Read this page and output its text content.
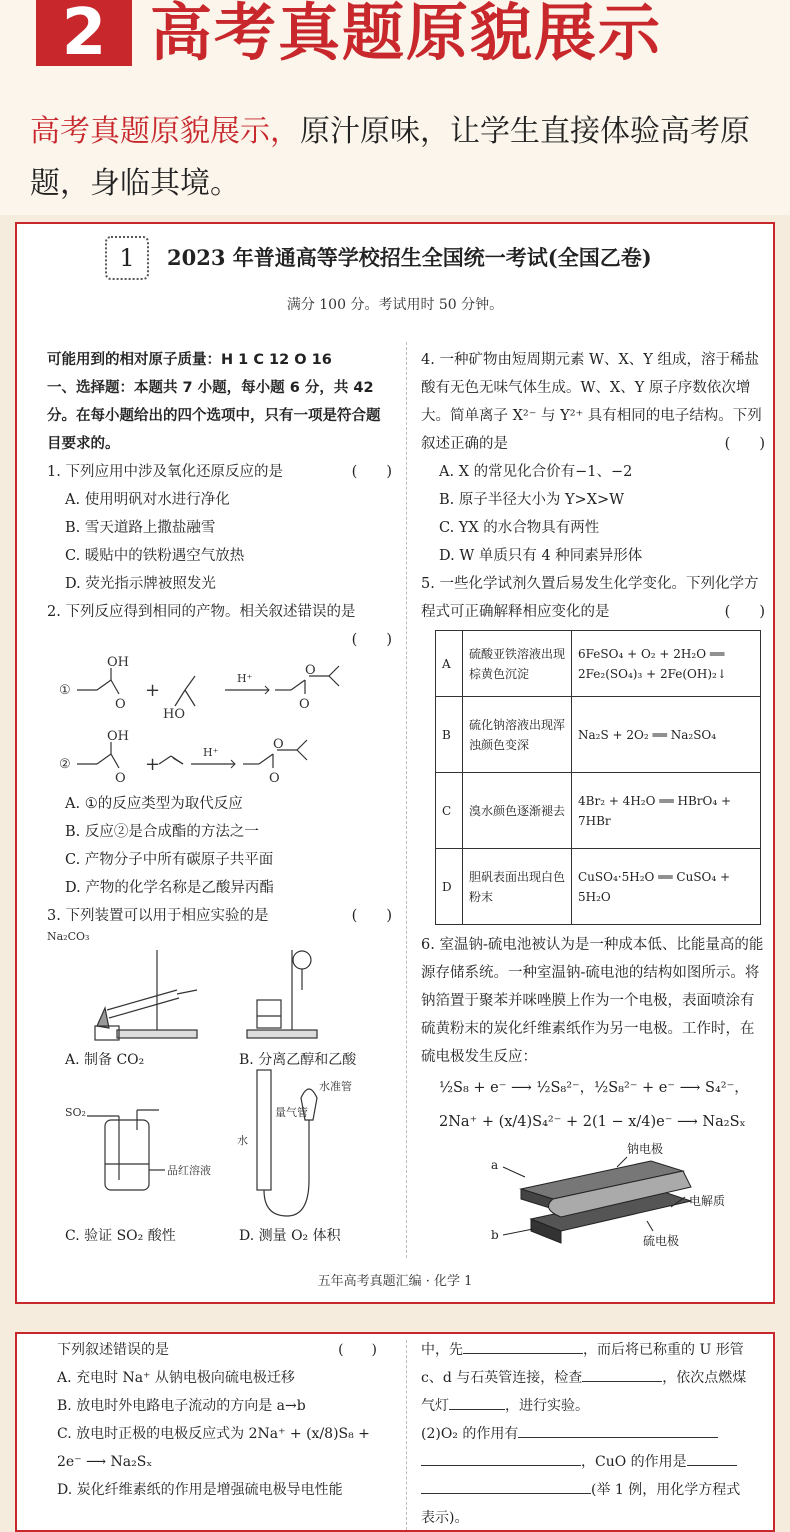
2 高考真题原貌展示
高考真题原貌展示，原汁原味，让学生直接体验高考原题，身临其境。
1	2023 年普通高等学校招生全国统一考试(全国乙卷)
满分 100 分。考试用时 50 分钟。

可能用到的相对原子质量：H 1 C 12 O 16

一、选择题：本题共 7 小题，每小题 6 分，共 42 分。在每小题给出的四个选项中，只有一项是符合题目要求的。

1. 下列应用中涉及氧化还原反应的是	(　　)

A. 使用明矾对水进行净化

B. 雪天道路上撒盐融雪

C. 暖贴中的铁粉遇空气放热

D. 荧光指示牌被照发光

2. 下列反应得到相同的产物。相关叙述错误的是

(　　)

①
OH
O
+
HO
H⁺
O
O
②
OH
O
+
H⁺
O
O

A. ①的反应类型为取代反应

B. 反应②是合成酯的方法之一

C. 产物分子中所有碳原子共平面

D. 产物的化学名称是乙酸异丙酯

3. 下列装置可以用于相应实验的是	(　　)

Na₂CO₃
SO₂
品红溶液
水
量气管
水准管
A. 制备 CO₂	B. 分离乙醇和乙酸
C. 验证 SO₂ 酸性	D. 测量 O₂ 体积

4. 一种矿物由短周期元素 W、X、Y 组成，溶于稀盐酸有无色无味气体生成。W、X、Y 原子序数依次增大。简单离子 X²⁻ 与 Y²⁺ 具有相同的电子结构。下列叙述正确的是	(　　)

A. X 的常见化合价有−1、−2

B. 原子半径大小为 Y>X>W

C. YX 的水合物具有两性

D. W 单质只有 4 种同素异形体

5. 一些化学试剂久置后易发生化学变化。下列化学方程式可正确解释相应变化的是	(　　)

A	硫酸亚铁溶液出现棕黄色沉淀	6FeSO₄ + O₂ + 2H₂O ══ 2Fe₂(SO₄)₃ + 2Fe(OH)₂↓
B	硫化钠溶液出现浑浊颜色变深	Na₂S + 2O₂ ══ Na₂SO₄
C	溴水颜色逐渐褪去	4Br₂ + 4H₂O ══ HBrO₄ + 7HBr
D	胆矾表面出现白色粉末	CuSO₄·5H₂O ══ CuSO₄ + 5H₂O

6. 室温钠-硫电池被认为是一种成本低、比能量高的能源存储系统。一种室温钠-硫电池的结构如图所示。将钠箔置于聚苯并咪唑膜上作为一个电极，表面喷涂有硫黄粉末的炭化纤维素纸作为另一电极。工作时，在硫电极发生反应：

½S₈ + e⁻ ⟶ ½S₈²⁻，½S₈²⁻ + e⁻ ⟶ S₄²⁻，

2Na⁺ + (x/4)S₄²⁻ + 2(1 − x/4)e⁻ ⟶ Na₂Sₓ

a
b
钠电极
电解质
硫电极
五年高考真题汇编 · 化学 1

下列叙述错误的是	(　　)

A. 充电时 Na⁺ 从钠电极向硫电极迁移

B. 放电时外电路电子流动的方向是 a→b

C. 放电时正极的电极反应式为 2Na⁺ + (x/8)S₈ + 2e⁻ ⟶ Na₂Sₓ

D. 炭化纤维素纸的作用是增强硫电极导电性能

中，先	，而后将已称重的 U 形管 c、d 与石英管连接，检查	，依次点燃煤气灯	，进行实验。

(2)O₂ 的作用有

，CuO 的作用是

(举 1 例，用化学方程式表示)。
